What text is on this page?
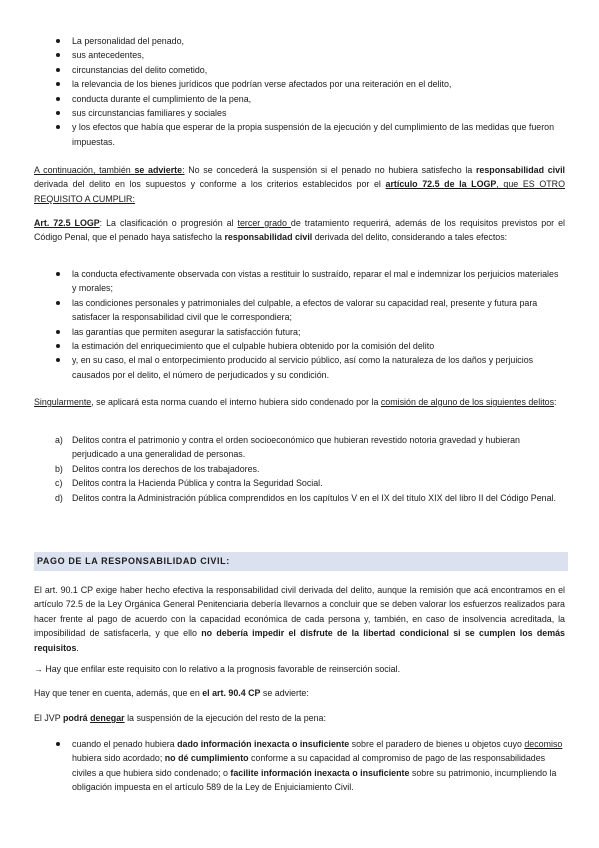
La personalidad del penado,
sus antecedentes,
circunstancias del delito cometido,
la relevancia de los bienes jurídicos que podrían verse afectados por una reiteración en el delito,
conducta durante el cumplimiento de la pena,
sus circunstancias familiares y sociales
y los efectos que había que esperar de la propia suspensión de la ejecución y del cumplimiento de las medidas que fueron impuestas.

A continuación, también se advierte: No se concederá la suspensión si el penado no hubiera satisfecho la responsabilidad civil derivada del delito en los supuestos y conforme a los criterios establecidos por el artículo 72.5 de la LOGP, que ES OTRO REQUISITO A CUMPLIR:

Art. 72.5 LOGP: La clasificación o progresión al tercer grado de tratamiento requerirá, además de los requisitos previstos por el Código Penal, que el penado haya satisfecho la responsabilidad civil derivada del delito, considerando a tales efectos:

la conducta efectivamente observada con vistas a restituir lo sustraído, reparar el mal e indemnizar los perjuicios materiales y morales;
las condiciones personales y patrimoniales del culpable, a efectos de valorar su capacidad real, presente y futura para satisfacer la responsabilidad civil que le correspondiera;
las garantías que permiten asegurar la satisfacción futura;
la estimación del enriquecimiento que el culpable hubiera obtenido por la comisión del delito
y, en su caso, el mal o entorpecimiento producido al servicio público, así como la naturaleza de los daños y perjuicios causados por el delito, el número de perjudicados y su condición.

Singularmente, se aplicará esta norma cuando el interno hubiera sido condenado por la comisión de alguno de los siguientes delitos:

a) Delitos contra el patrimonio y contra el orden socioeconómico que hubieran revestido notoria gravedad y hubieran perjudicado a una generalidad de personas.
b) Delitos contra los derechos de los trabajadores.
c) Delitos contra la Hacienda Pública y contra la Seguridad Social.
d) Delitos contra la Administración pública comprendidos en los capítulos V en el IX del título XIX del libro II del Código Penal.
PAGO DE LA RESPONSABILIDAD CIVIL:

El art. 90.1 CP exige haber hecho efectiva la responsabilidad civil derivada del delito, aunque la remisión que acá encontramos en el artículo 72.5 de la Ley Orgánica General Penitenciaria debería llevarnos a concluir que se deben valorar los esfuerzos realizados para hacer frente al pago de acuerdo con la capacidad económica de cada persona y, también, en caso de insolvencia acreditada, la imposibilidad de satisfacerla, y que ello no debería impedir el disfrute de la libertad condicional si se cumplen los demás requisitos.

→ Hay que enfilar este requisito con lo relativo a la prognosis favorable de reinserción social.

Hay que tener en cuenta, además, que en el art. 90.4 CP se advierte:

El JVP podrá denegar la suspensión de la ejecución del resto de la pena:

cuando el penado hubiera dado información inexacta o insuficiente sobre el paradero de bienes u objetos cuyo decomiso hubiera sido acordado; no dé cumplimiento conforme a su capacidad al compromiso de pago de las responsabilidades civiles a que hubiera sido condenado; o facilite información inexacta o insuficiente sobre su patrimonio, incumpliendo la obligación impuesta en el artículo 589 de la Ley de Enjuiciamiento Civil.
